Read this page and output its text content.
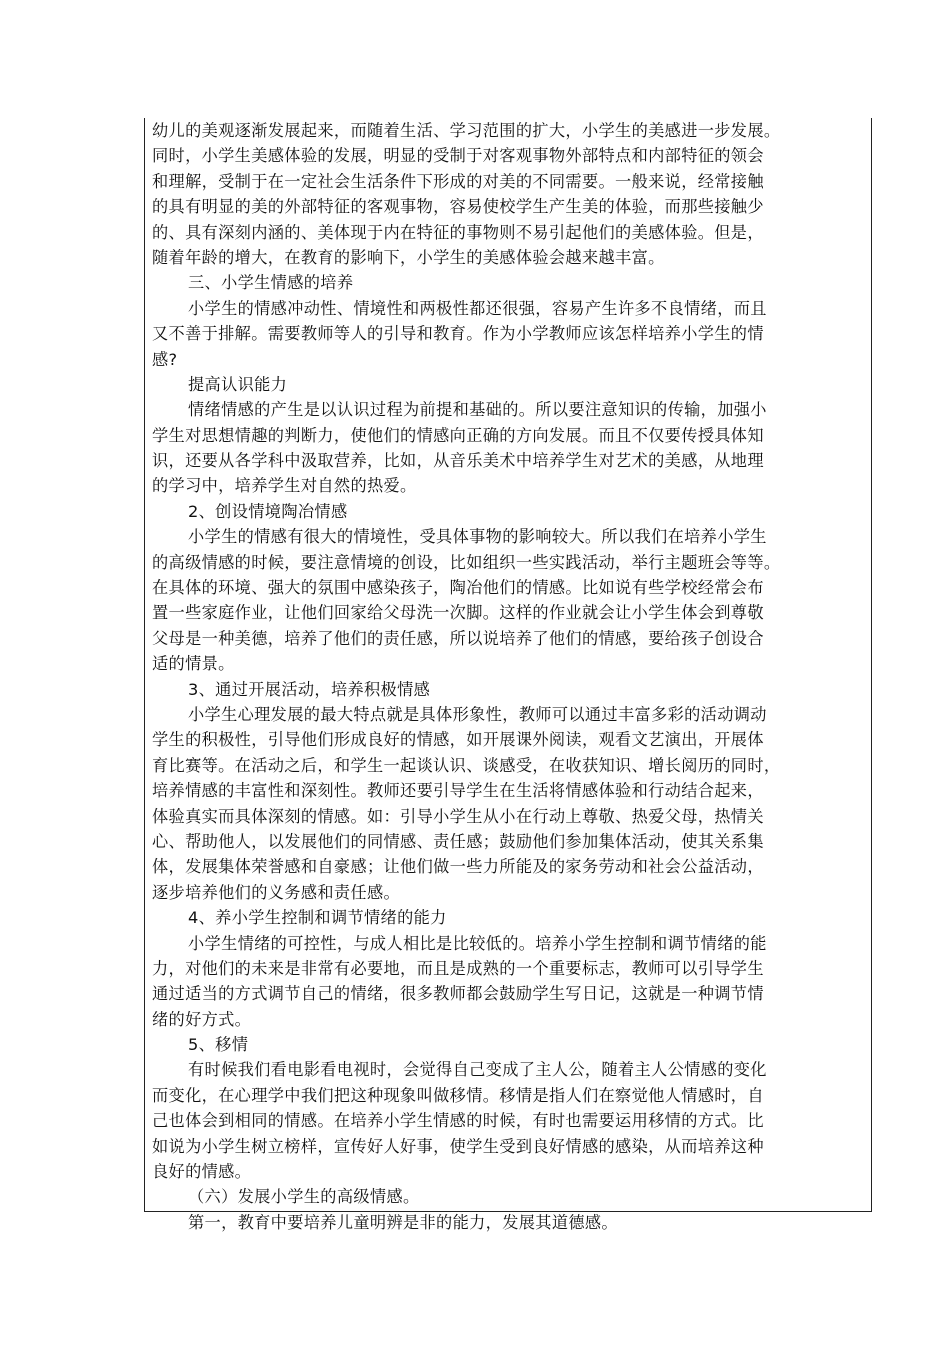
幼儿的美观逐渐发展起来，而随着生活、学习范围的扩大，小学生的美感进一步发展。
同时，小学生美感体验的发展，明显的受制于对客观事物外部特点和内部特征的领会
和理解，受制于在一定社会生活条件下形成的对美的不同需要。一般来说，经常接触
的具有明显的美的外部特征的客观事物，容易使校学生产生美的体验，而那些接触少
的、具有深刻内涵的、美体现于内在特征的事物则不易引起他们的美感体验。但是，
随着年龄的增大，在教育的影响下，小学生的美感体验会越来越丰富。
三、小学生情感的培养
小学生的情感冲动性、情境性和两极性都还很强，容易产生许多不良情绪，而且
又不善于排解。需要教师等人的引导和教育。作为小学教师应该怎样培养小学生的情
感?
提高认识能力
情绪情感的产生是以认识过程为前提和基础的。所以要注意知识的传输，加强小
学生对思想情趣的判断力，使他们的情感向正确的方向发展。而且不仅要传授具体知
识，还要从各学科中汲取营养，比如，从音乐美术中培养学生对艺术的美感，从地理
的学习中，培养学生对自然的热爱。
2、创设情境陶冶情感
小学生的情感有很大的情境性，受具体事物的影响较大。所以我们在培养小学生
的高级情感的时候，要注意情境的创设，比如组织一些实践活动，举行主题班会等等。
在具体的环境、强大的氛围中感染孩子，陶冶他们的情感。比如说有些学校经常会布
置一些家庭作业，让他们回家给父母洗一次脚。这样的作业就会让小学生体会到尊敬
父母是一种美德，培养了他们的责任感，所以说培养了他们的情感，要给孩子创设合
适的情景。
3、通过开展活动，培养积极情感
小学生心理发展的最大特点就是具体形象性，教师可以通过丰富多彩的活动调动
学生的积极性，引导他们形成良好的情感，如开展课外阅读，观看文艺演出，开展体
育比赛等。在活动之后，和学生一起谈认识、谈感受，在收获知识、增长阅历的同时，
培养情感的丰富性和深刻性。教师还要引导学生在生活将情感体验和行动结合起来，
体验真实而具体深刻的情感。如：引导小学生从小在行动上尊敬、热爱父母，热情关
心、帮助他人，以发展他们的同情感、责任感；鼓励他们参加集体活动，使其关系集
体，发展集体荣誉感和自豪感；让他们做一些力所能及的家务劳动和社会公益活动，
逐步培养他们的义务感和责任感。
4、养小学生控制和调节情绪的能力
小学生情绪的可控性，与成人相比是比较低的。培养小学生控制和调节情绪的能
力，对他们的未来是非常有必要地，而且是成熟的一个重要标志，教师可以引导学生
通过适当的方式调节自己的情绪，很多教师都会鼓励学生写日记，这就是一种调节情
绪的好方式。
5、移情
有时候我们看电影看电视时，会觉得自己变成了主人公，随着主人公情感的变化
而变化，在心理学中我们把这种现象叫做移情。移情是指人们在察觉他人情感时，自
己也体会到相同的情感。在培养小学生情感的时候，有时也需要运用移情的方式。比
如说为小学生树立榜样，宣传好人好事，使学生受到良好情感的感染，从而培养这种
良好的情感。
（六）发展小学生的高级情感。
第一，教育中要培养儿童明辨是非的能力，发展其道德感。
